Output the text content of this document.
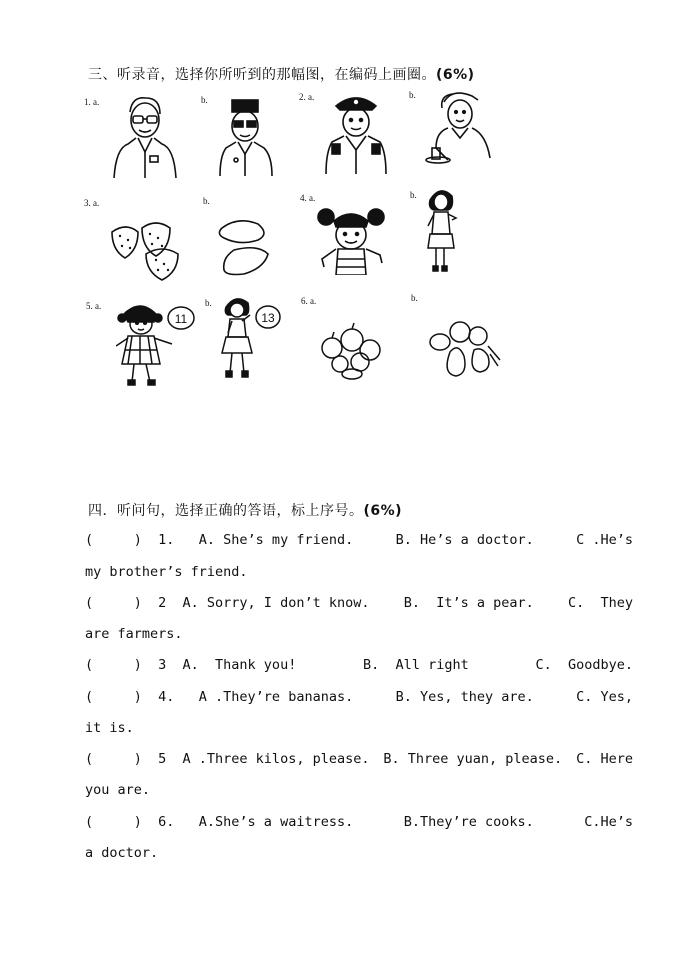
三、听录音，选择你所听到的那幅图，在编码上画圈。(6%)
1. a.	b.	2. a.	b.
3. a.	b.	4. a.	b.
5. a.	b.	6. a.	b.
11	13
四．听问句，选择正确的答语，标上序号。(6%)
(     )  1.   A. She’s my friend.	B. He’s a doctor.	C .He’s
my brother’s friend.
(     )  2  A. Sorry, I don’t know.	B.  It’s a pear.	C.  They
are farmers.
(     )  3  A.  Thank you!	B.  All right	C.  Goodbye.
(     )  4.   A .They’re bananas.	B. Yes, they are.	C. Yes,
it is.
(     )  5  A .Three kilos, please. B. Three yuan, please. C. Here
you are.
(     )  6.   A.She’s a waitress.	B.They’re cooks.	C.He’s
a doctor.
